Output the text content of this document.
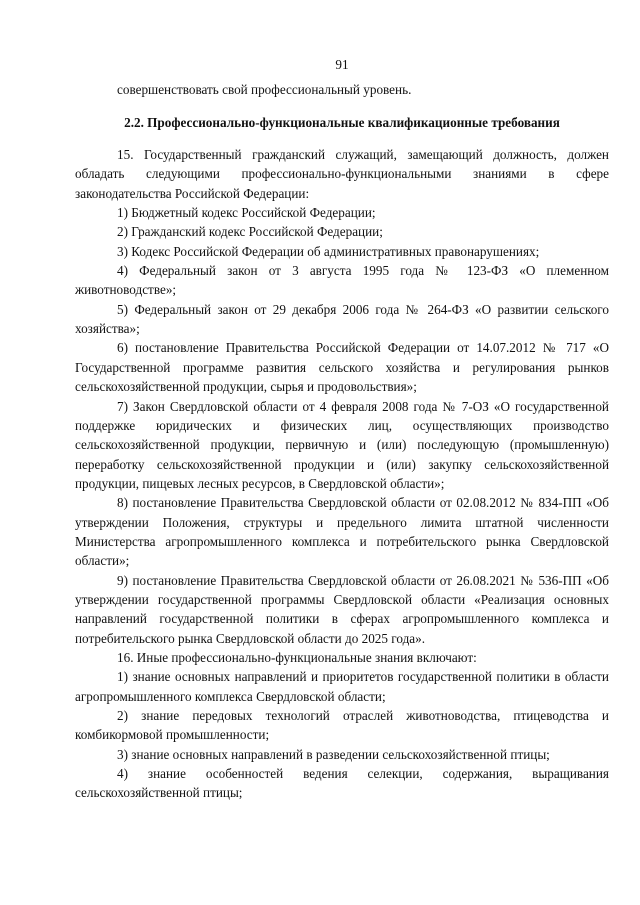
91

совершенствовать свой профессиональный уровень.

2.2. Профессионально-функциональные квалификационные требования

15. Государственный гражданский служащий, замещающий должность, должен обладать следующими профессионально-функциональными знаниями в сфере законодательства Российской Федерации:

1) Бюджетный кодекс Российской Федерации;

2) Гражданский кодекс Российской Федерации;

3) Кодекс Российской Федерации об административных правонарушениях;

4) Федеральный закон от 3 августа 1995 года № 123-ФЗ «О племенном животноводстве»;

5) Федеральный закон от 29 декабря 2006 года № 264-ФЗ «О развитии сельского хозяйства»;

6) постановление Правительства Российской Федерации от 14.07.2012 № 717 «О Государственной программе развития сельского хозяйства и регулирования рынков сельскохозяйственной продукции, сырья и продовольствия»;

7) Закон Свердловской области от 4 февраля 2008 года № 7-ОЗ «О государственной поддержке юридических и физических лиц, осуществляющих производство сельскохозяйственной продукции, первичную и (или) последующую (промышленную) переработку сельскохозяйственной продукции и (или) закупку сельскохозяйственной продукции, пищевых лесных ресурсов, в Свердловской области»;

8) постановление Правительства Свердловской области от 02.08.2012 № 834-ПП «Об утверждении Положения, структуры и предельного лимита штатной численности Министерства агропромышленного комплекса и потребительского рынка Свердловской области»;

9) постановление Правительства Свердловской области от 26.08.2021 № 536-ПП «Об утверждении государственной программы Свердловской области «Реализация основных направлений государственной политики в сферах агропромышленного комплекса и потребительского рынка Свердловской области до 2025 года».

16. Иные профессионально-функциональные знания включают:

1) знание основных направлений и приоритетов государственной политики в области агропромышленного комплекса Свердловской области;

2) знание передовых технологий отраслей животноводства, птицеводства и комбикормовой промышленности;

3) знание основных направлений в разведении сельскохозяйственной птицы;

4) знание особенностей ведения селекции, содержания, выращивания сельскохозяйственной птицы;
